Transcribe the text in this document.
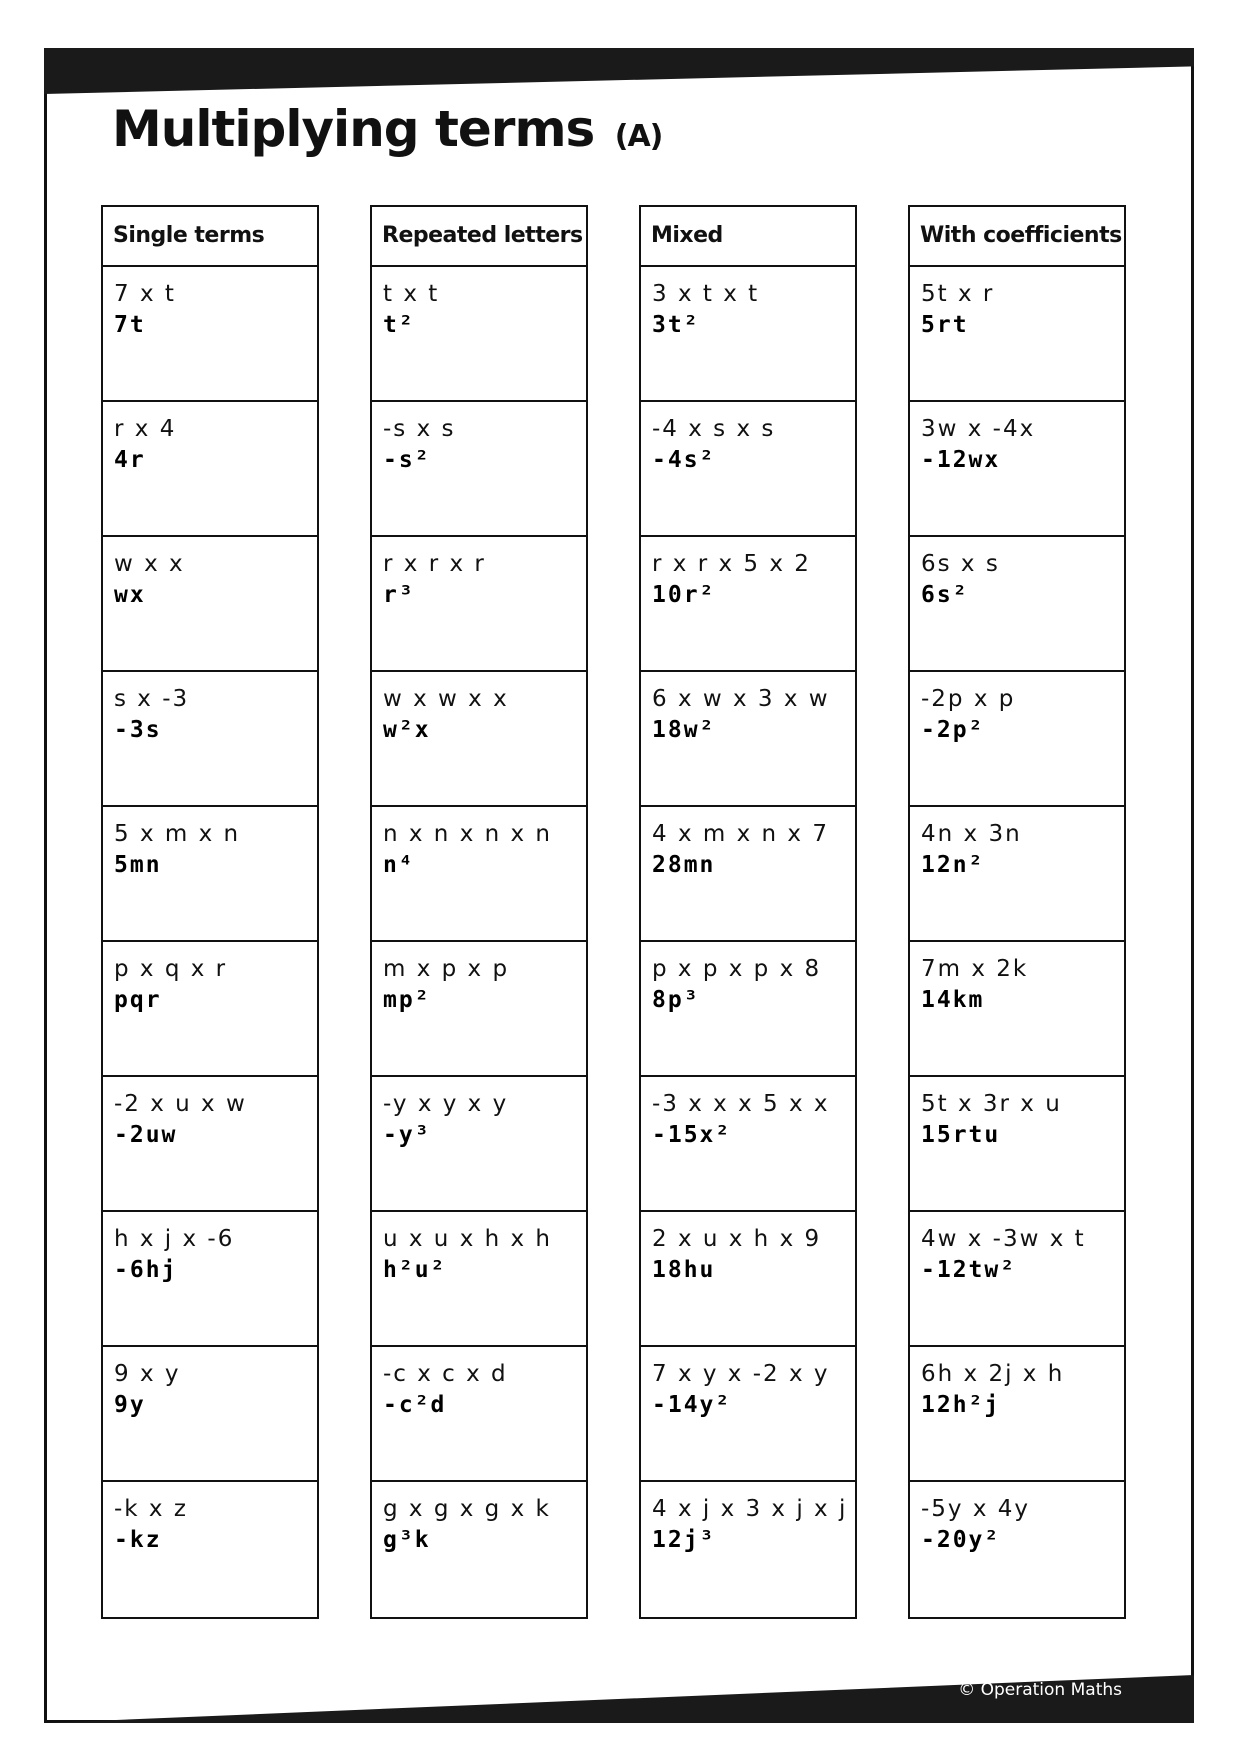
Multiplying terms (A)
Single terms
7 x t
7t
r x 4
4r
w x x
wx
s x -3
-3s
5 x m x n
5mn
p x q x r
pqr
-2 x u x w
-2uw
h x j x -6
-6hj
9 x y
9y
-k x z
-kz
Repeated letters
t x t
t²
-s x s
-s²
r x r x r
r³
w x w x x
w²x
n x n x n x n
n⁴
m x p x p
mp²
-y x y x y
-y³
u x u x h x h
h²u²
-c x c x d
-c²d
g x g x g x k
g³k
Mixed
3 x t x t
3t²
-4 x s x s
-4s²
r x r x 5 x 2
10r²
6 x w x 3 x w
18w²
4 x m x n x 7
28mn
p x p x p x 8
8p³
-3 x x x 5 x x
-15x²
2 x u x h x 9
18hu
7 x y x -2 x y
-14y²
4 x j x 3 x j x j
12j³
With coefficients
5t x r
5rt
3w x -4x
-12wx
6s x s
6s²
-2p x p
-2p²
4n x 3n
12n²
7m x 2k
14km
5t x 3r x u
15rtu
4w x -3w x t
-12tw²
6h x 2j x h
12h²j
-5y x 4y
-20y²
© Operation Maths
